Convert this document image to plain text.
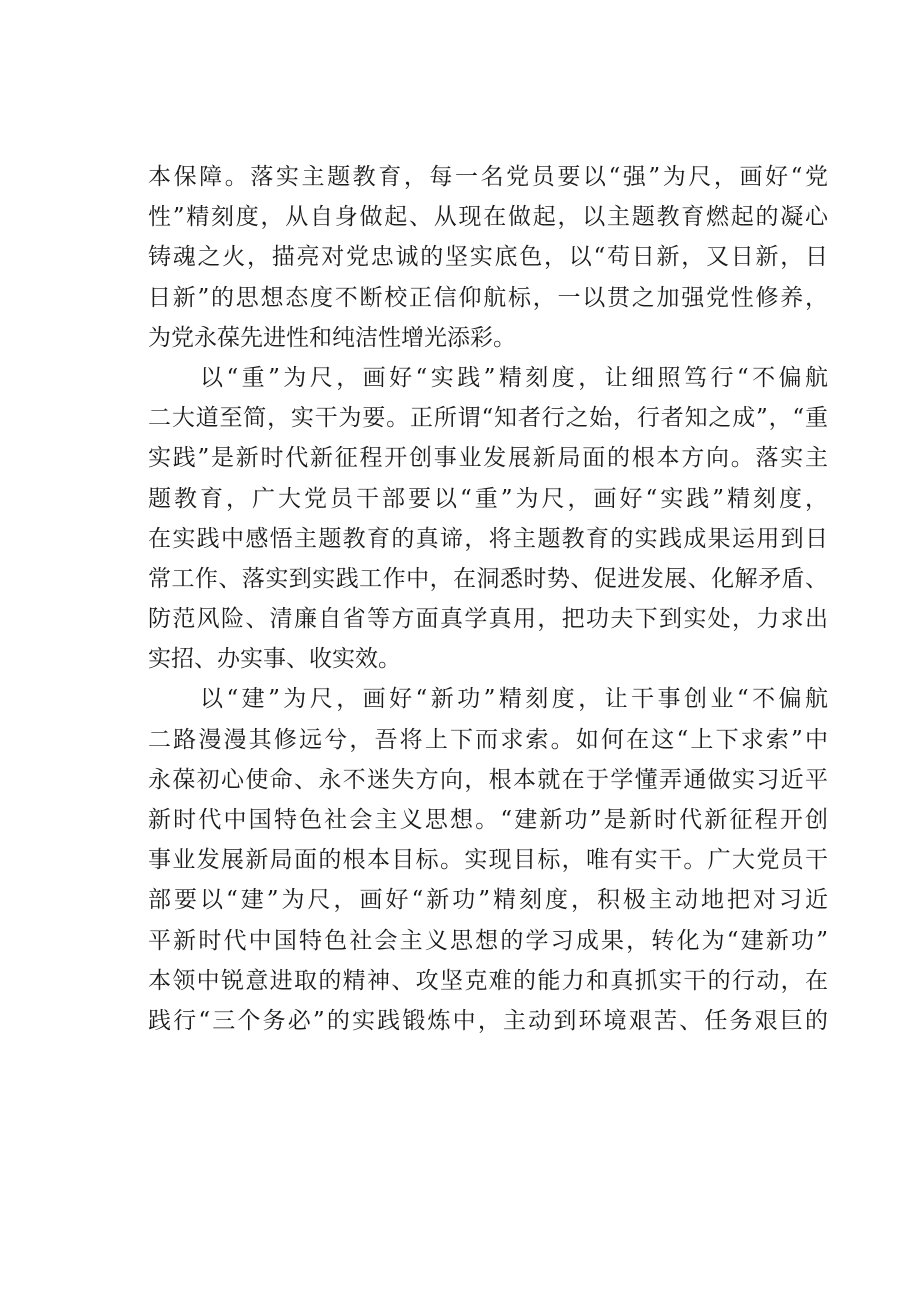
本保障。落实主题教育，每一名党员要以“强”为尺，画好“党
性”精刻度，从自身做起、从现在做起，以主题教育燃起的凝心
铸魂之火，描亮对党忠诚的坚实底色，以“苟日新，又日新，日
日新”的思想态度不断校正信仰航标，一以贯之加强党性修养，
为党永葆先进性和纯洁性增光添彩。
以“重”为尺，画好“实践”精刻度，让细照笃行“不偏航
二大道至简，实干为要。正所谓“知者行之始，行者知之成”，“重
实践”是新时代新征程开创事业发展新局面的根本方向。落实主
题教育，广大党员干部要以“重”为尺，画好“实践”精刻度，
在实践中感悟主题教育的真谛，将主题教育的实践成果运用到日
常工作、落实到实践工作中，在洞悉时势、促进发展、化解矛盾、
防范风险、清廉自省等方面真学真用，把功夫下到实处，力求出
实招、办实事、收实效。
以“建”为尺，画好“新功”精刻度，让干事创业“不偏航
二路漫漫其修远兮，吾将上下而求索。如何在这“上下求索”中
永葆初心使命、永不迷失方向，根本就在于学懂弄通做实习近平
新时代中国特色社会主义思想。“建新功”是新时代新征程开创
事业发展新局面的根本目标。实现目标，唯有实干。广大党员干
部要以“建”为尺，画好“新功”精刻度，积极主动地把对习近
平新时代中国特色社会主义思想的学习成果，转化为“建新功”
本领中锐意进取的精神、攻坚克难的能力和真抓实干的行动，在
践行“三个务必”的实践锻炼中，主动到环境艰苦、任务艰巨的
